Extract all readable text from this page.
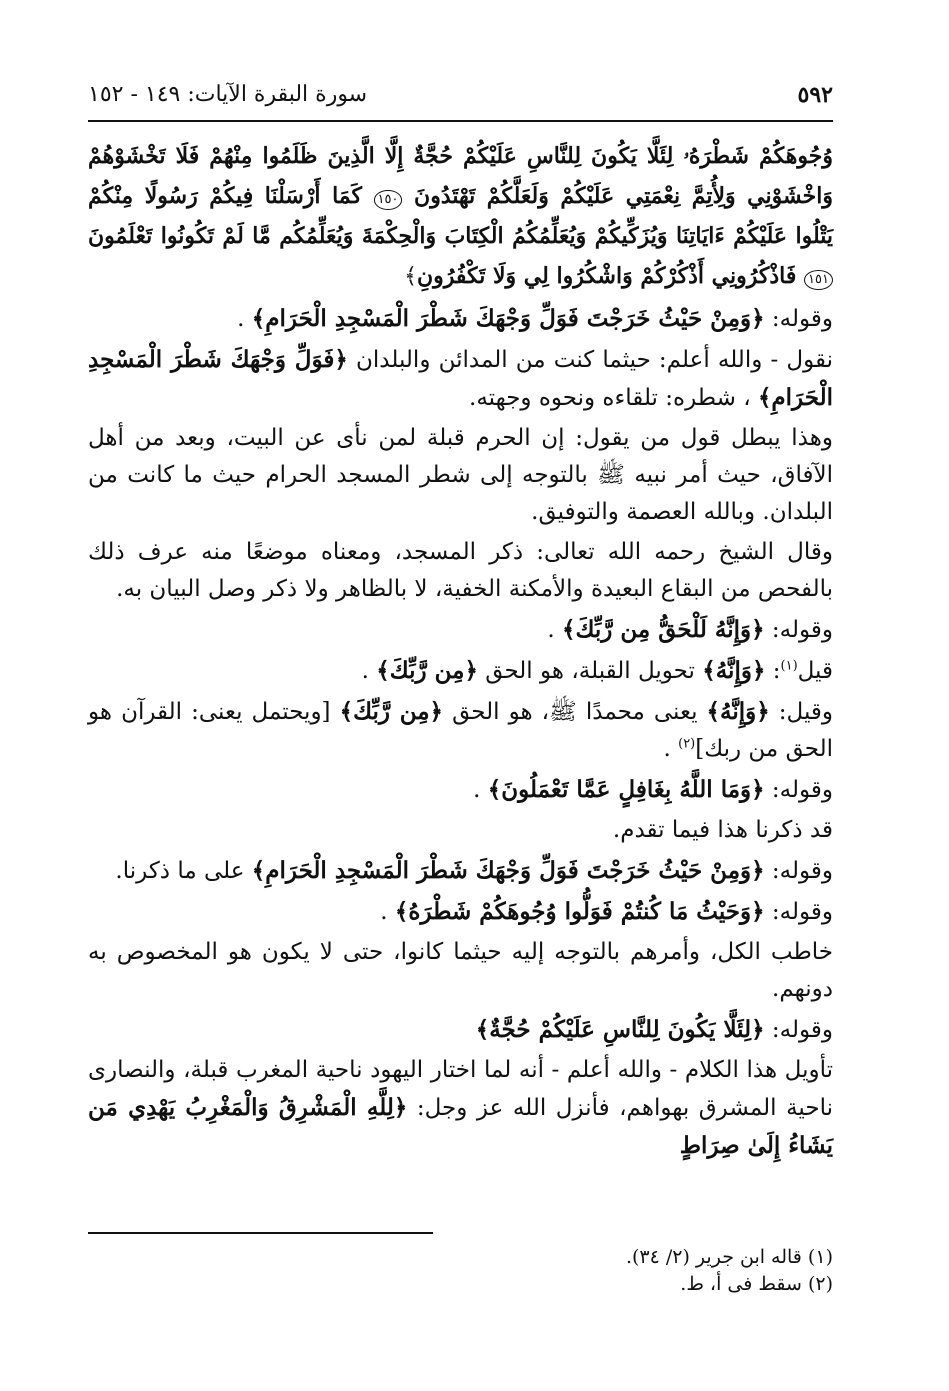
٥٩٢
سورة البقرة الآيات: ١٤٩ - ١٥٢

وُجُوهَكُمْ شَطْرَهُۥ لِئَلَّا يَكُونَ لِلنَّاسِ عَلَيْكُمْ حُجَّةٌ إِلَّا الَّذِينَ ظَلَمُوا مِنْهُمْ فَلَا تَخْشَوْهُمْ وَاخْشَوْنِي وَلِأُتِمَّ نِعْمَتِي عَلَيْكُمْ وَلَعَلَّكُمْ تَهْتَدُونَ ١٥٠ كَمَا أَرْسَلْنَا فِيكُمْ رَسُولًا مِنْكُمْ يَتْلُوا عَلَيْكُمْ ءَايَاتِنَا وَيُزَكِّيكُمْ وَيُعَلِّمُكُمُ الْكِتَابَ وَالْحِكْمَةَ وَيُعَلِّمُكُم مَّا لَمْ تَكُونُوا تَعْلَمُونَ ١٥١ فَاذْكُرُونِي أَذْكُرْكُمْ وَاشْكُرُوا لِي وَلَا تَكْفُرُونِ﴾

وقوله: ﴿وَمِنْ حَيْثُ خَرَجْتَ فَوَلِّ وَجْهَكَ شَطْرَ الْمَسْجِدِ الْحَرَامِ﴾ .

نقول - والله أعلم: حيثما كنت من المدائن والبلدان ﴿فَوَلِّ وَجْهَكَ شَطْرَ الْمَسْجِدِ الْحَرَامِ﴾ ، شطره: تلقاءه ونحوه وجهته.

وهذا يبطل قول من يقول: إن الحرم قبلة لمن نأى عن البيت، وبعد من أهل الآفاق، حيث أمر نبيه ﷺ بالتوجه إلى شطر المسجد الحرام حيث ما كانت من البلدان. وبالله العصمة والتوفيق.

وقال الشيخ رحمه الله تعالى: ذكر المسجد، ومعناه موضعًا منه عرف ذلك بالفحص من البقاع البعيدة والأمكنة الخفية، لا بالظاهر ولا ذكر وصل البيان به.

وقوله: ﴿وَإِنَّهُ لَلْحَقُّ مِن رَّبِّكَ﴾ .

قيل$^{(١)}$: ﴿وَإِنَّهُ﴾ تحويل القبلة، هو الحق ﴿مِن رَّبِّكَ﴾ .

وقيل: ﴿وَإِنَّهُ﴾ يعنى محمدًا ﷺ، هو الحق ﴿مِن رَّبِّكَ﴾ [ويحتمل يعنى: القرآن هو الحق من ربك]$^{(٢)}$ .

وقوله: ﴿وَمَا اللَّهُ بِغَافِلٍ عَمَّا تَعْمَلُونَ﴾ .

قد ذكرنا هذا فيما تقدم.

وقوله: ﴿وَمِنْ حَيْثُ خَرَجْتَ فَوَلِّ وَجْهَكَ شَطْرَ الْمَسْجِدِ الْحَرَامِ﴾ على ما ذكرنا.

وقوله: ﴿وَحَيْثُ مَا كُنتُمْ فَوَلُّوا وُجُوهَكُمْ شَطْرَهُ﴾ .

خاطب الكل، وأمرهم بالتوجه إليه حيثما كانوا، حتى لا يكون هو المخصوص به دونهم.

وقوله: ﴿لِئَلَّا يَكُونَ لِلنَّاسِ عَلَيْكُمْ حُجَّةٌ﴾

تأويل هذا الكلام - والله أعلم - أنه لما اختار اليهود ناحية المغرب قبلة، والنصارى ناحية المشرق بهواهم، فأنزل الله عز وجل: ﴿لِلَّهِ الْمَشْرِقُ وَالْمَغْرِبُ يَهْدِي مَن يَشَاءُ إِلَىٰ صِرَاطٍ

(١) قاله ابن جرير (٢/ ٣٤).
(٢) سقط فى أ، ط.
